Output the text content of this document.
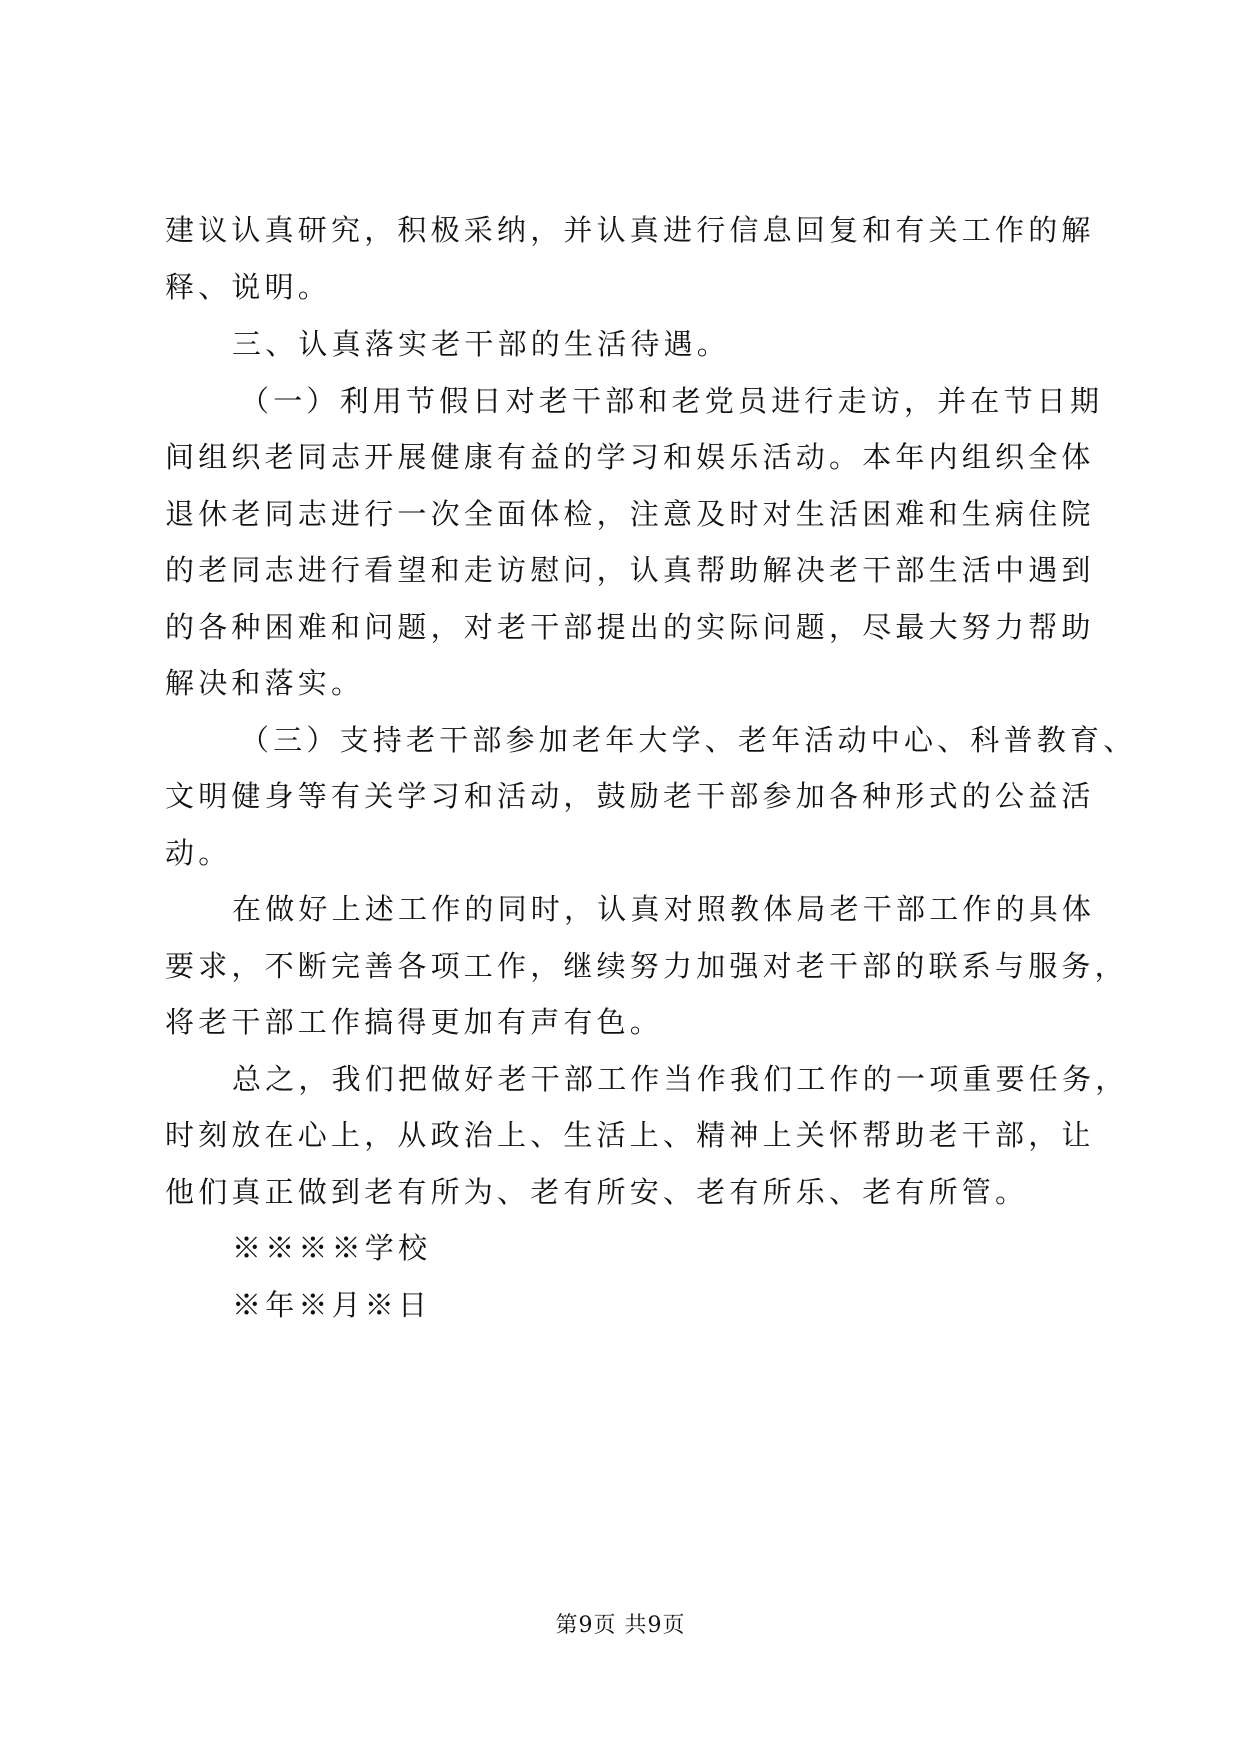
建议认真研究，积极采纳，并认真进行信息回复和有关工作的解
释、说明。
三、认真落实老干部的生活待遇。
（一）利用节假日对老干部和老党员进行走访，并在节日期
间组织老同志开展健康有益的学习和娱乐活动。本年内组织全体
退休老同志进行一次全面体检，注意及时对生活困难和生病住院
的老同志进行看望和走访慰问，认真帮助解决老干部生活中遇到
的各种困难和问题，对老干部提出的实际问题，尽最大努力帮助
解决和落实。
（三）支持老干部参加老年大学、老年活动中心、科普教育、
文明健身等有关学习和活动，鼓励老干部参加各种形式的公益活
动。
在做好上述工作的同时，认真对照教体局老干部工作的具体
要求，不断完善各项工作，继续努力加强对老干部的联系与服务，
将老干部工作搞得更加有声有色。
总之，我们把做好老干部工作当作我们工作的一项重要任务，
时刻放在心上，从政治上、生活上、精神上关怀帮助老干部，让
他们真正做到老有所为、老有所安、老有所乐、老有所管。
※※※※学校
※年※月※日
第9页 共9页
